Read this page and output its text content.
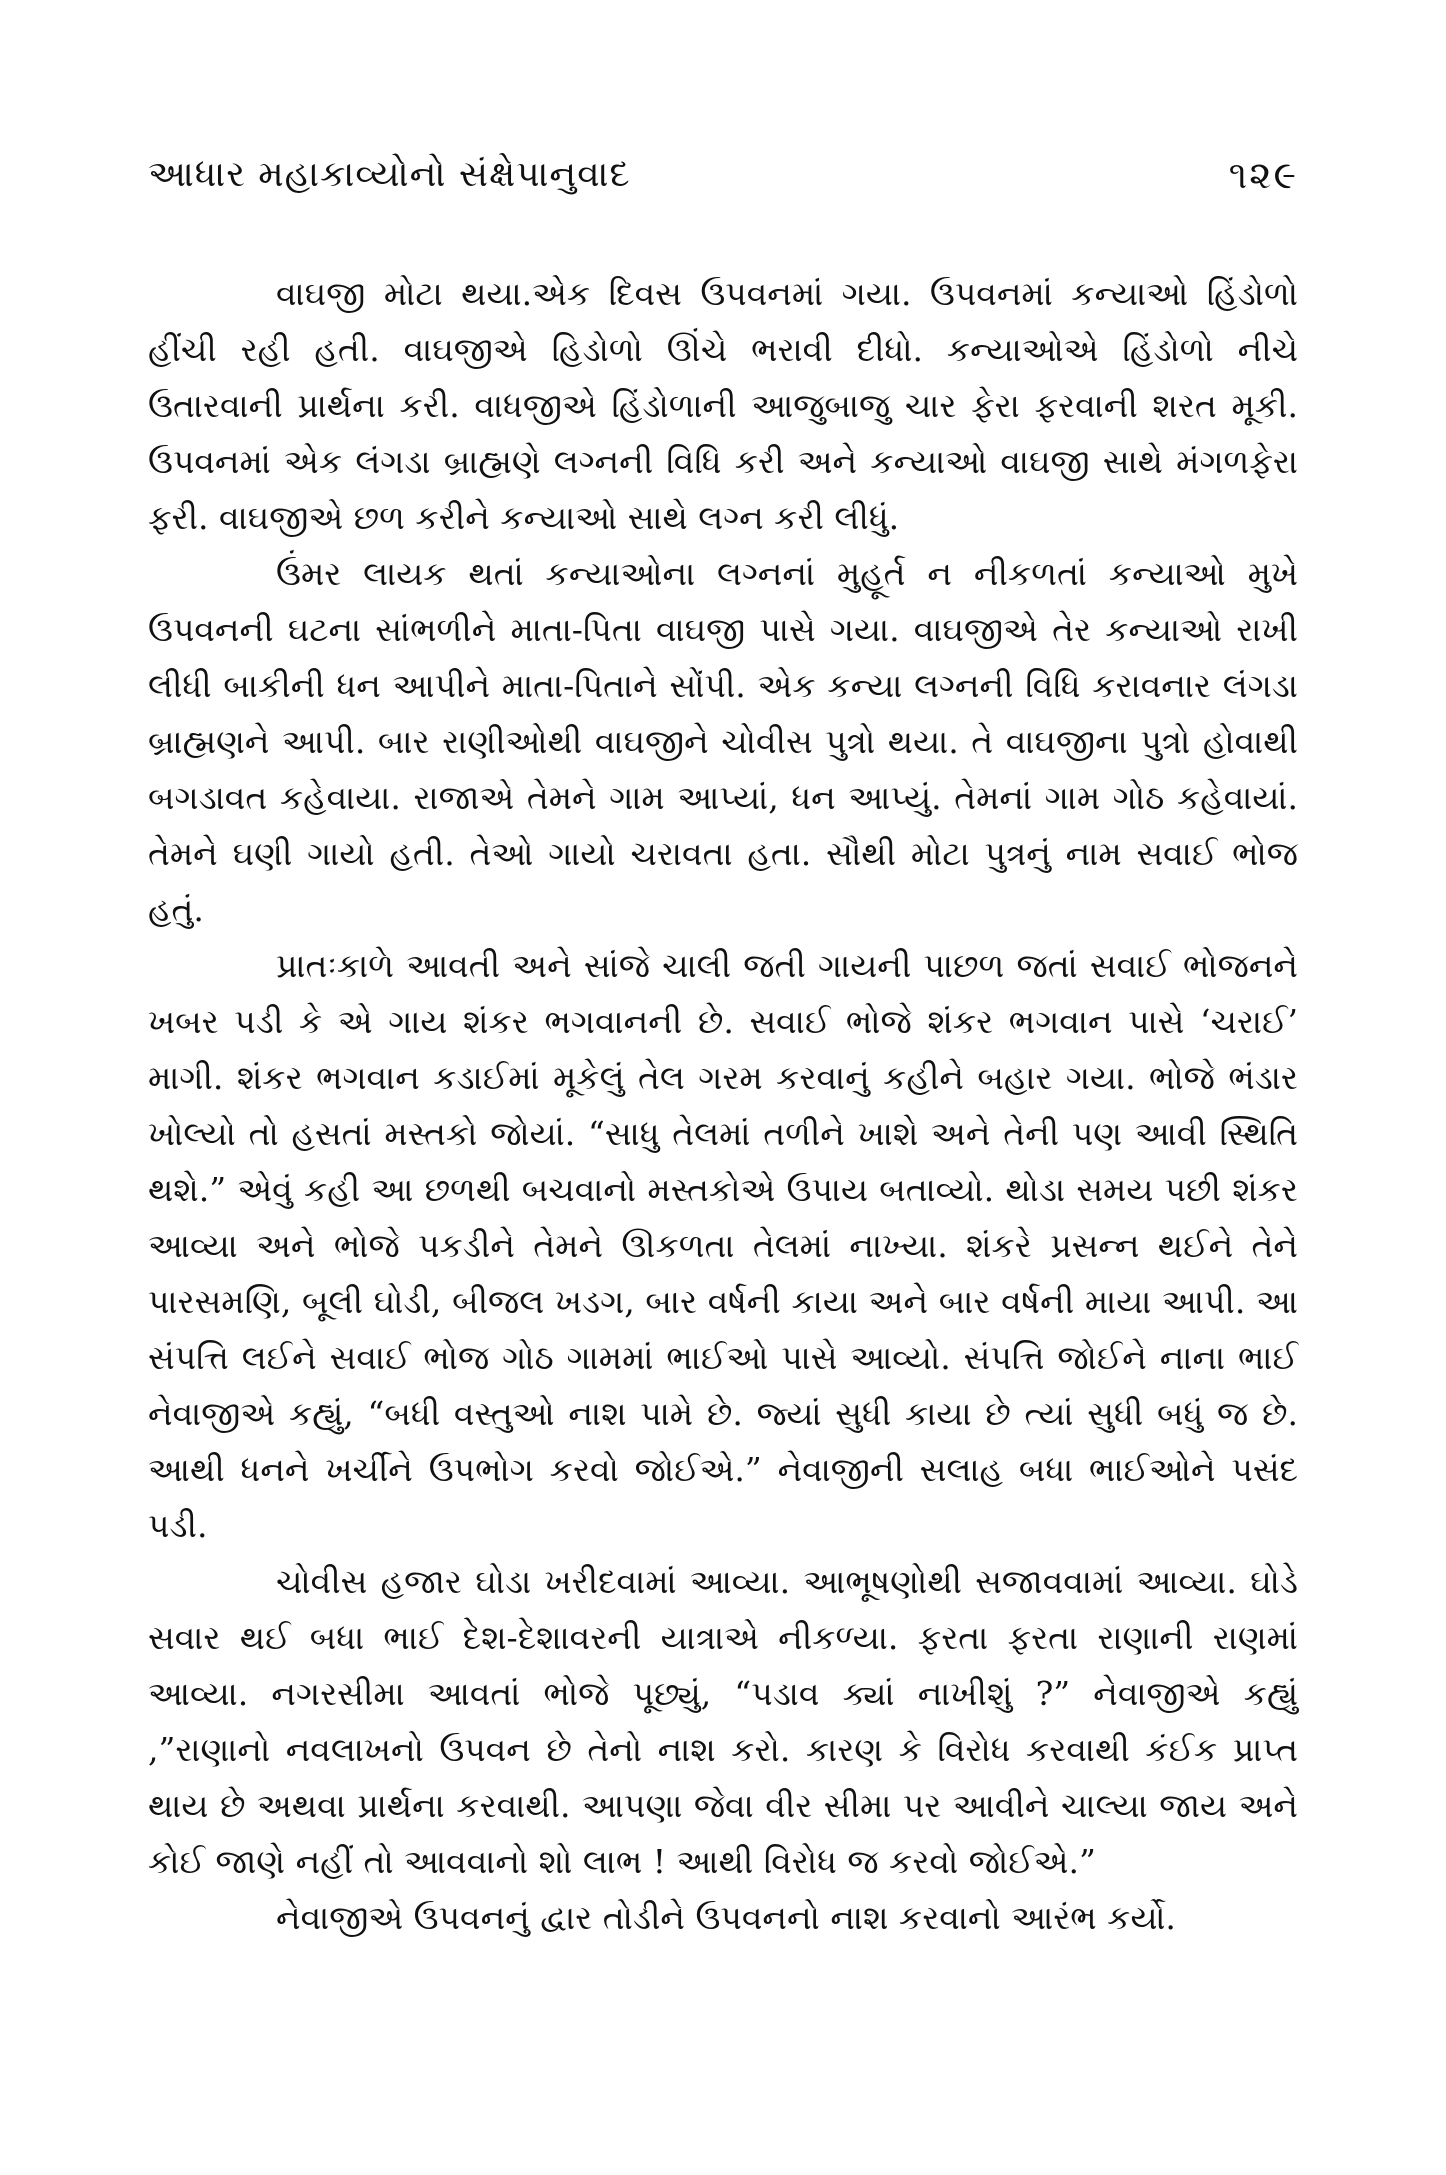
આધાર મહાકાવ્યોનો સંક્ષેપાનુવાદ	૧૨૯

વાઘજી મોટા થયા.એક દિવસ ઉપવનમાં ગયા. ઉપવનમાં કન્યાઓ હિંડોળો હીંચી રહી હતી. વાઘજીએ હિડોળો ઊંચે ભરાવી દીધો. કન્યાઓએ હિંડોળો નીચે ઉતારવાની પ્રાર્થના કરી. વાધજીએ હિંડોળાની આજુબાજુ ચાર ફેરા ફરવાની શરત મૂકી. ઉપવનમાં એક લંગડા બ્રાહ્મણે લગ્નની વિધિ કરી અને કન્યાઓ વાઘજી સાથે મંગળફેરા ફરી. વાઘજીએ છળ કરીને કન્યાઓ સાથે લગ્ન કરી લીધું.

ઉંમર લાયક થતાં કન્યાઓના લગ્નનાં મુહૂર્ત ન નીકળતાં કન્યાઓ મુખે ઉપવનની ઘટના સાંભળીને માતા-પિતા વાઘજી પાસે ગયા. વાઘજીએ તેર કન્યાઓ રાખી લીધી બાકીની ધન આપીને માતા-પિતાને સોંપી. એક કન્યા લગ્નની વિધિ કરાવનાર લંગડા બ્રાહ્મણને આપી. બાર રાણીઓથી વાઘજીને ચોવીસ પુત્રો થયા. તે વાઘજીના પુત્રો હોવાથી બગડાવત કહેવાયા. રાજાએ તેમને ગામ આપ્યાં, ધન આપ્યું. તેમનાં ગામ ગોઠ કહેવાયાં. તેમને ઘણી ગાયો હતી. તેઓ ગાયો ચરાવતા હતા. સૌથી મોટા પુત્રનું નામ સવાઈ ભોજ હતું.

પ્રાતઃકાળે આવતી અને સાંજે ચાલી જતી ગાયની પાછળ જતાં સવાઈ ભોજનને ખબર પડી કે એ ગાય શંકર ભગવાનની છે. સવાઈ ભોજે શંકર ભગવાન પાસે ‘ચરાઈ’ માગી. શંકર ભગવાન કડાઈમાં મૂકેલું તેલ ગરમ કરવાનું કહીને બહાર ગયા. ભોજે ભંડાર ખોલ્યો તો હસતાં મસ્તકો જોયાં. “સાધુ તેલમાં તળીને ખાશે અને તેની પણ આવી સ્થિતિ થશે.” એવું કહી આ છળથી બચવાનો મસ્તકોએ ઉપાય બતાવ્યો. થોડા સમય પછી શંકર આવ્યા અને ભોજે પકડીને તેમને ઊકળતા તેલમાં નાખ્યા. શંકરે પ્રસન્ન થઈને તેને પારસમણિ, બૂલી ઘોડી, બીજલ ખડગ, બાર વર્ષની કાયા અને બાર વર્ષની માયા આપી. આ સંપત્તિ લઈને સવાઈ ભોજ ગોઠ ગામમાં ભાઈઓ પાસે આવ્યો. સંપત્તિ જોઈને નાના ભાઈ નેવાજીએ કહ્યું, “બધી વસ્તુઓ નાશ પામે છે. જ્યાં સુધી કાયા છે ત્યાં સુધી બધું જ છે. આથી ધનને ખર્ચીને ઉપભોગ કરવો જોઈએ.” નેવાજીની સલાહ બધા ભાઈઓને પસંદ પડી.

ચોવીસ હજાર ઘોડા ખરીદવામાં આવ્યા. આભૂષણોથી સજાવવામાં આવ્યા. ઘોડે સવાર થઈ બધા ભાઈ દેશ-દેશાવરની યાત્રાએ નીકળ્યા. ફરતા ફરતા રાણાની રાણમાં આવ્યા. નગરસીમા આવતાં ભોજે પૂછ્યું, “પડાવ ક્યાં નાખીશું ?” નેવાજીએ કહ્યું ,”રાણાનો નવલાખનો ઉપવન છે તેનો નાશ કરો. કારણ કે વિરોધ કરવાથી કંઈક પ્રાપ્ત થાય છે અથવા પ્રાર્થના કરવાથી. આપણા જેવા વીર સીમા પર આવીને ચાલ્યા જાય અને કોઈ જાણે નહીં તો આવવાનો શો લાભ ! આથી વિરોધ જ કરવો જોઈએ.”

નેવાજીએ ઉપવનનું દ્વાર તોડીને ઉપવનનો નાશ કરવાનો આરંભ કર્યો.
